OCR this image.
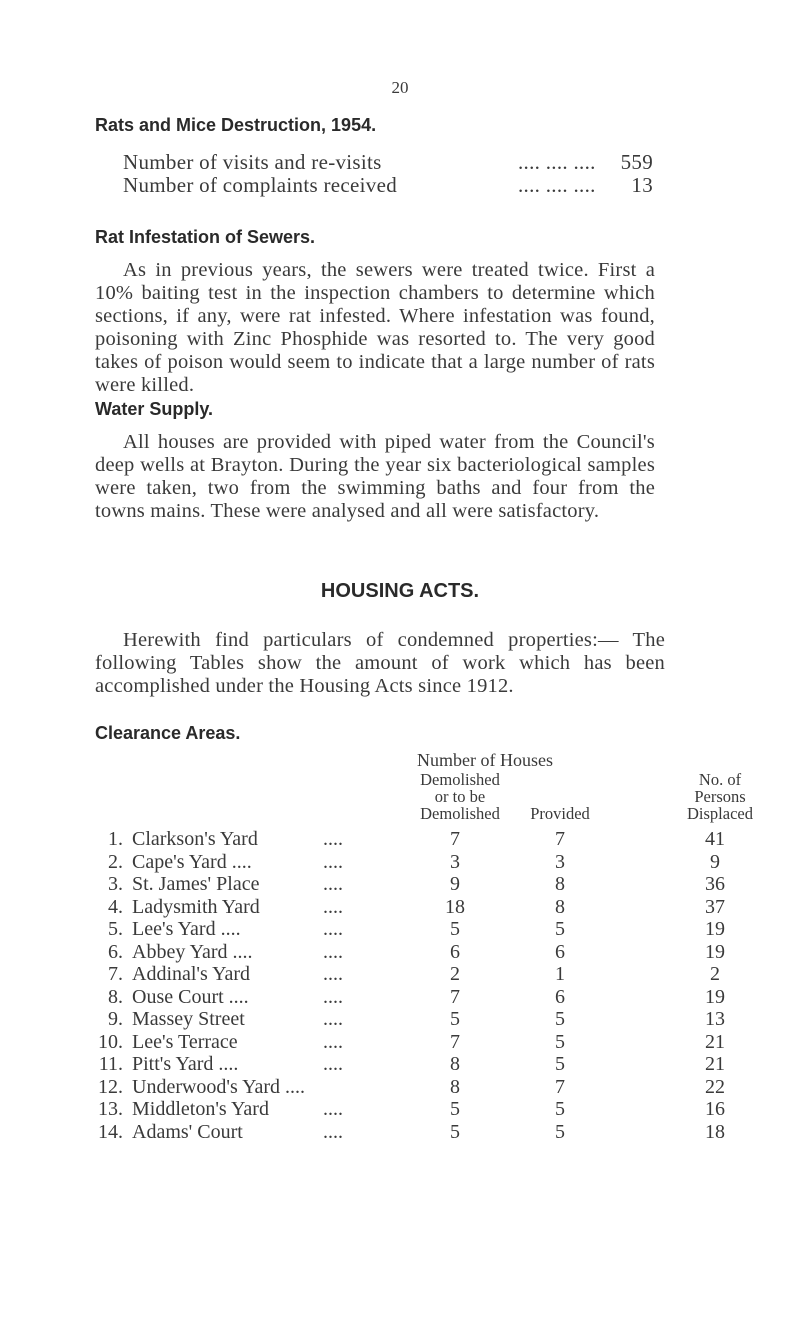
20
Rats and Mice Destruction, 1954.
Number of visits and re-visits	.... .... .... 559
Number of complaints received	.... .... .... 13
Rat Infestation of Sewers.
As in previous years, the sewers were treated twice. First a 10% baiting test in the inspection chambers to determine which sections, if any, were rat infested. Where infestation was found, poisoning with Zinc Phosphide was resorted to. The very good takes of poison would seem to indicate that a large number of rats were killed.
Water Supply.
All houses are provided with piped water from the Council's deep wells at Brayton. During the year six bacteriological samples were taken, two from the swimming baths and four from the towns mains. These were analysed and all were satisfactory.
HOUSING ACTS.
Herewith find particulars of condemned properties:— The following Tables show the amount of work which has been accomplished under the Housing Acts since 1912.
Clearance Areas.
Number of Houses
Demolished
or to be
Demolished	Provided
No. of
Persons
Displaced
1. Clarkson's Yard	....	7	7	41
2. Cape's Yard ....	....	3	3	9
3. St. James' Place	....	9	8	36
4. Ladysmith Yard	....	18	8	37
5. Lee's Yard ....	....	5	5	19
6. Abbey Yard ....	....	6	6	19
7. Addinal's Yard	....	2	1	2
8. Ouse Court ....	....	7	6	19
9. Massey Street	....	5	5	13
10. Lee's Terrace	....	7	5	21
11. Pitt's Yard ....	....	8	5	21
12. Underwood's Yard ....	8	7	22
13. Middleton's Yard	....	5	5	16
14. Adams' Court	....	5	5	18
